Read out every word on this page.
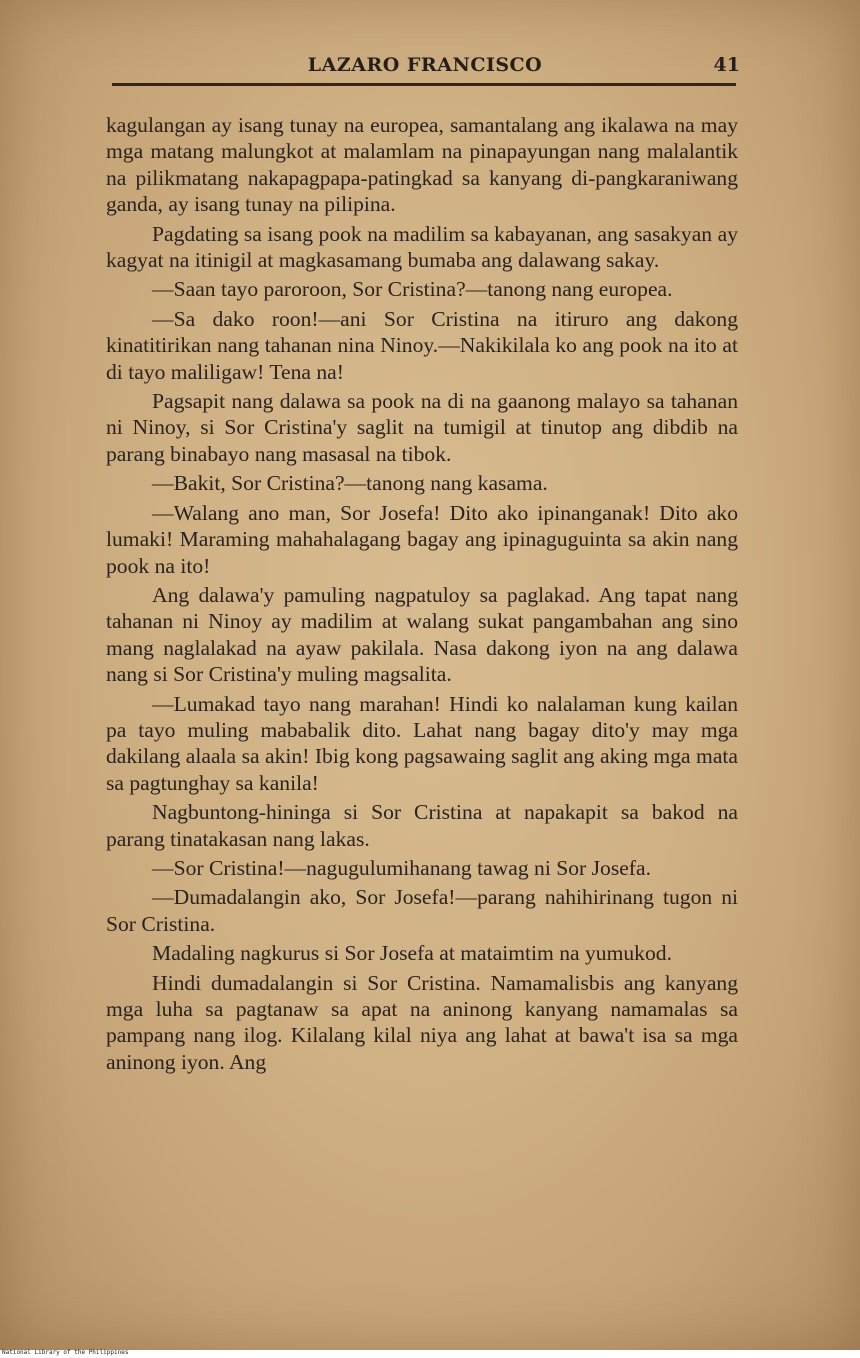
LAZARO FRANCISCO	41

kagulangan ay isang tunay na europea, samantalang ang ikalawa na may mga matang malungkot at malamlam na pinapayungan nang malalantik na pilikmatang nakapagpapa-patingkad sa kanyang di-pangkaraniwang ganda, ay isang tunay na pilipina.

Pagdating sa isang pook na madilim sa kabayanan, ang sasakyan ay kagyat na itinigil at magkasamang bumaba ang dalawang sakay.

—Saan tayo paroroon, Sor Cristina?—tanong nang europea.

—Sa dako roon!—ani Sor Cristina na itiruro ang dakong kinatitirikan nang tahanan nina Ninoy.—Nakikilala ko ang pook na ito at di tayo maliligaw! Tena na!

Pagsapit nang dalawa sa pook na di na gaanong malayo sa tahanan ni Ninoy, si Sor Cristina'y saglit na tumigil at tinutop ang dibdib na parang binabayo nang masasal na tibok.

—Bakit, Sor Cristina?—tanong nang kasama.

—Walang ano man, Sor Josefa! Dito ako ipinanganak! Dito ako lumaki! Maraming mahahalagang bagay ang ipinaguguinta sa akin nang pook na ito!

Ang dalawa'y pamuling nagpatuloy sa paglakad. Ang tapat nang tahanan ni Ninoy ay madilim at walang sukat pangambahan ang sino mang naglalakad na ayaw pakilala. Nasa dakong iyon na ang dalawa nang si Sor Cristina'y muling magsalita.

—Lumakad tayo nang marahan! Hindi ko nalalaman kung kailan pa tayo muling mababalik dito. Lahat nang bagay dito'y may mga dakilang alaala sa akin! Ibig kong pagsawaing saglit ang aking mga mata sa pagtunghay sa kanila!

Nagbuntong-hininga si Sor Cristina at napakapit sa bakod na parang tinatakasan nang lakas.

—Sor Cristina!—nagugulumihanang tawag ni Sor Josefa.

—Dumadalangin ako, Sor Josefa!—parang nahihirinang tugon ni Sor Cristina.

Madaling nagkurus si Sor Josefa at mataimtim na yumukod.

Hindi dumadalangin si Sor Cristina. Namamalisbis ang kanyang mga luha sa pagtanaw sa apat na aninong kanyang namamalas sa pampang nang ilog. Kilalang kilal niya ang lahat at bawa't isa sa mga aninong iyon. Ang

National Library of the Philippines
